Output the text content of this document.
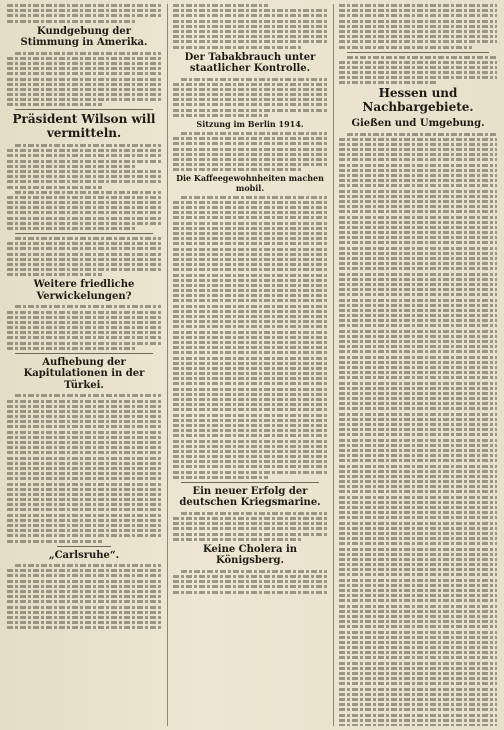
Kundgebung der Stimmung in Amerika.
Präsident Wilson will vermitteln.
Weitere friedliche Verwickelungen?
Aufhebung der Kapitulationen in der Türkei.
„Carlsruhe“.
Der Tabakbrauch unter staatlicher Kontrolle.
Sitzung im Berlin 1914.
Die Kaffeegewohnheiten machen mobil.
Ein neuer Erfolg der deutschen Kriegsmarine.
Keine Cholera in Königsberg.
Hessen und Nachbargebiete.
Gießen und Umgebung.
